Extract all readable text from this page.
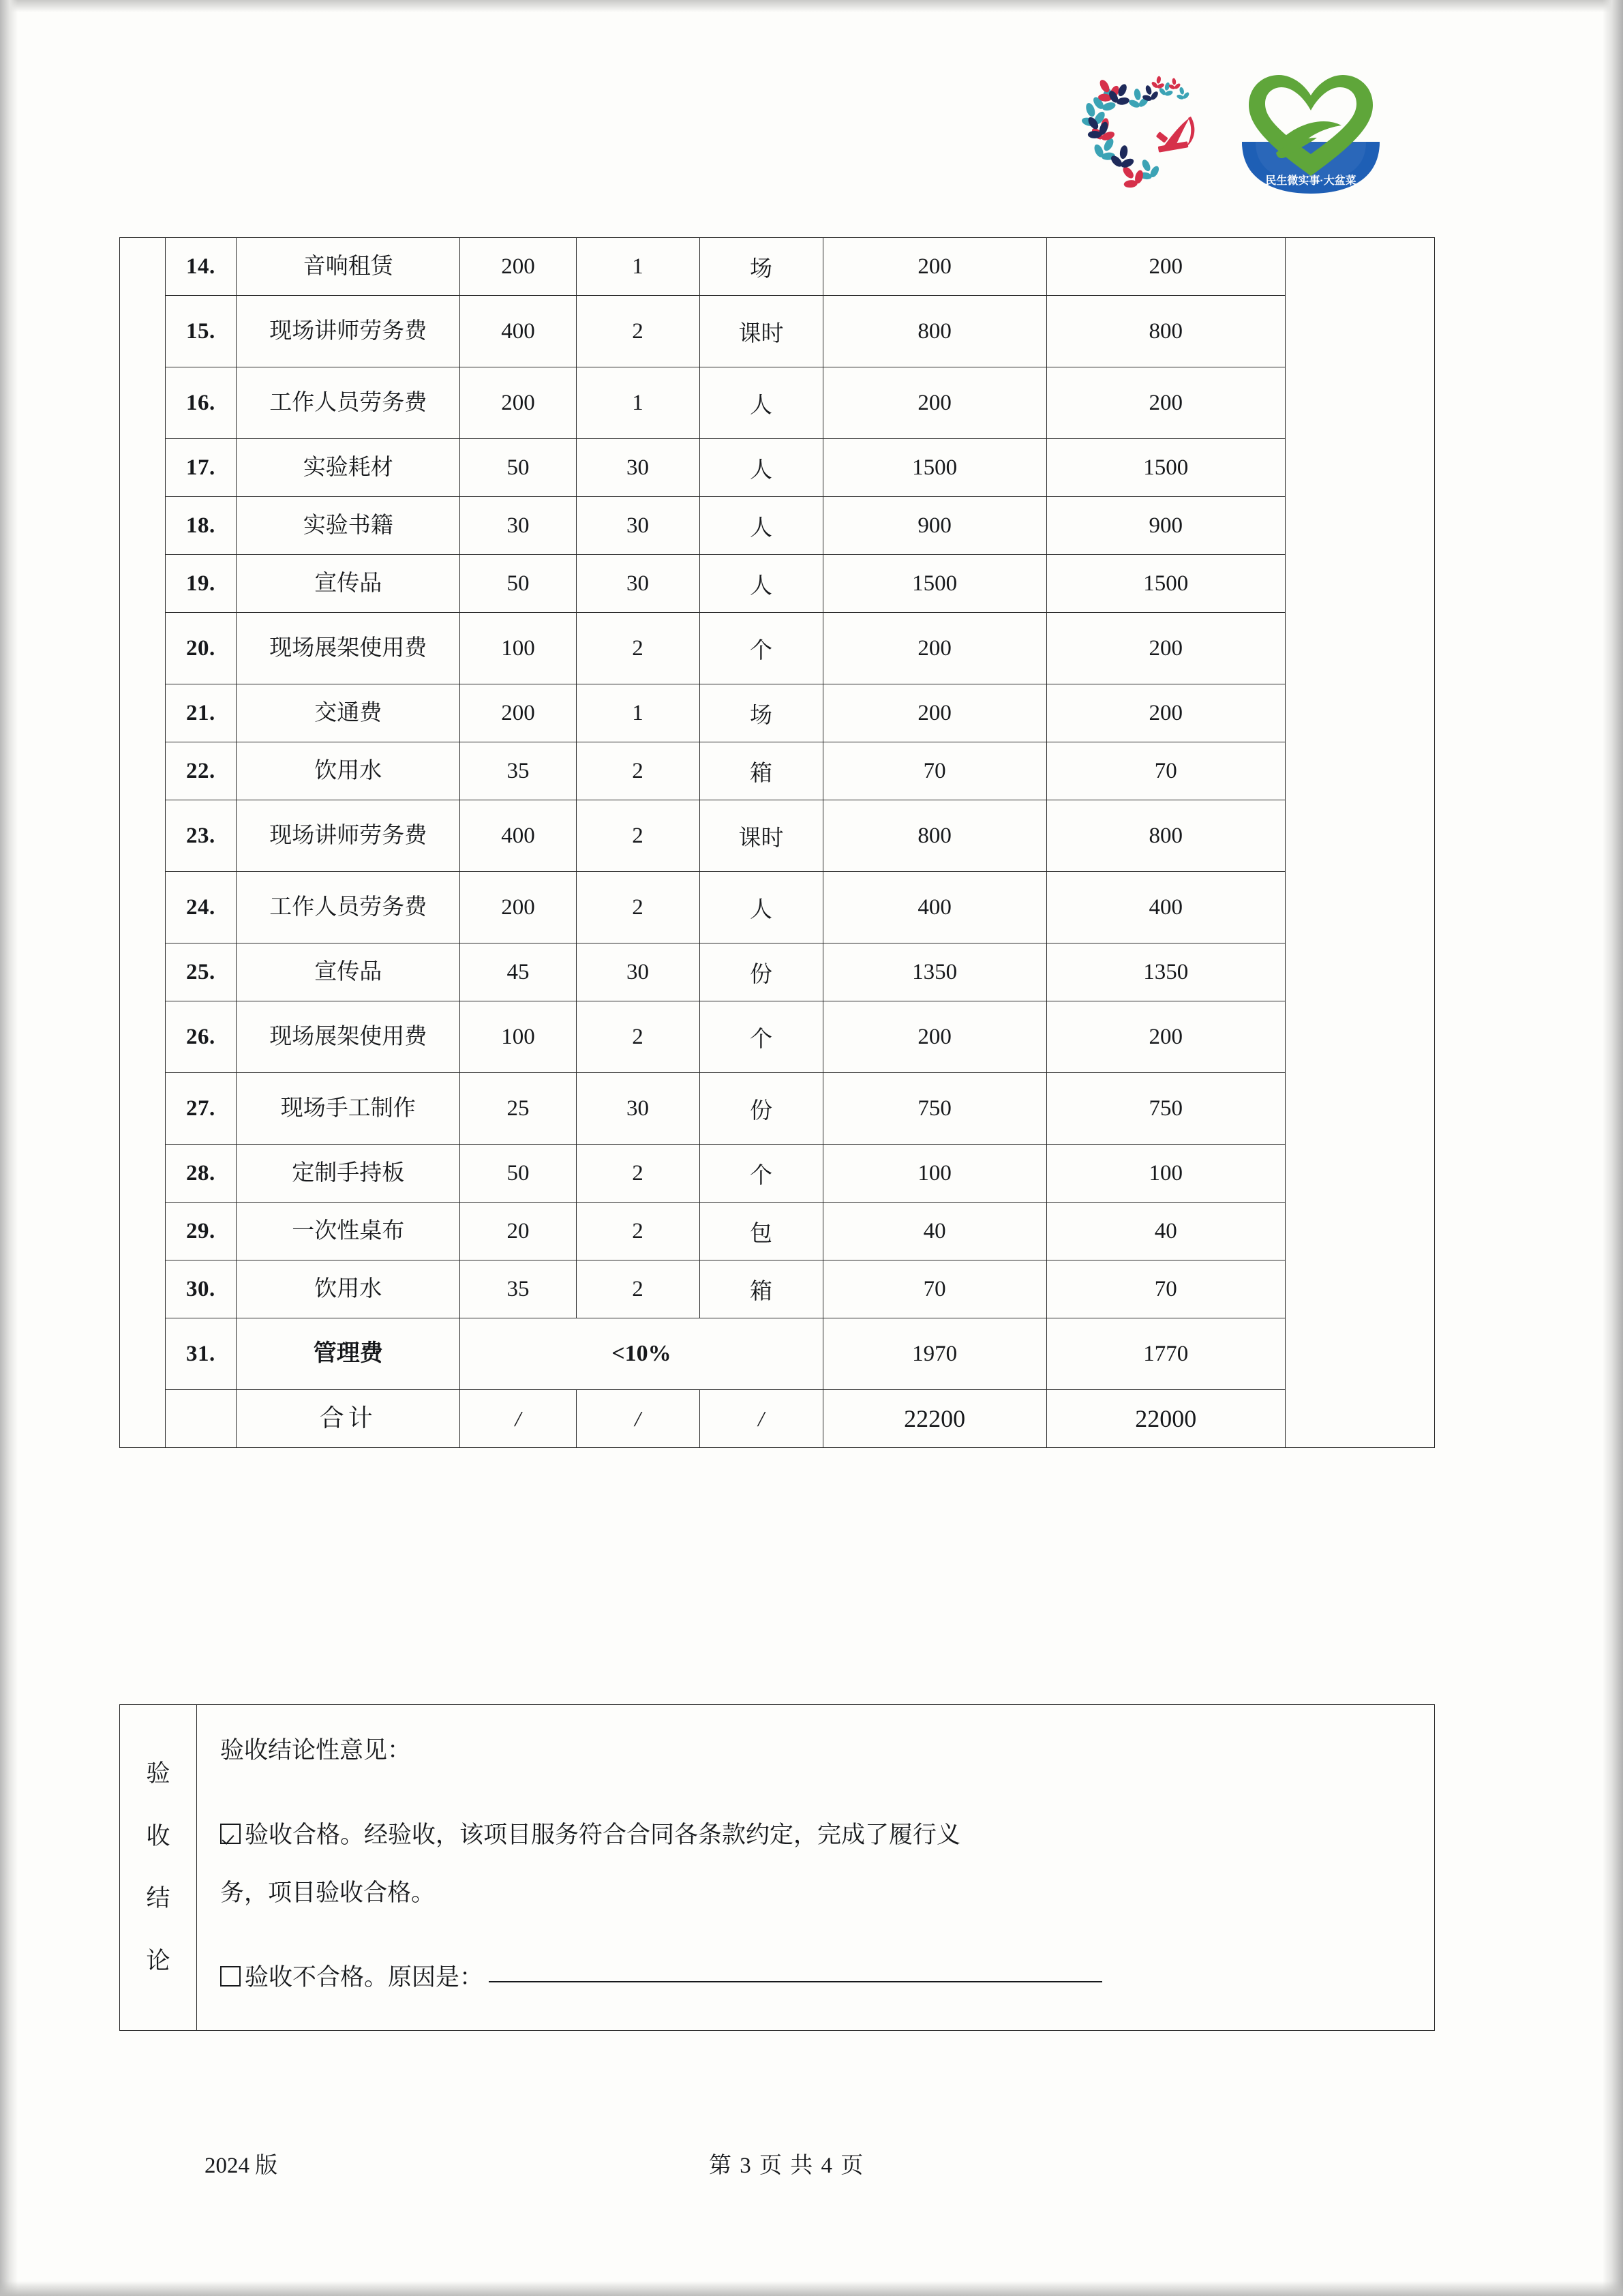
民生微实事·大盆菜
	14.	音响租赁	200	1	场	200	200	
	15.	现场讲师劳务费	400	2	课时	800	800	
	16.	工作人员劳务费	200	1	人	200	200	
	17.	实验耗材	50	30	人	1500	1500	
	18.	实验书籍	30	30	人	900	900	
	19.	宣传品	50	30	人	1500	1500	
	20.	现场展架使用费	100	2	个	200	200	
	21.	交通费	200	1	场	200	200	
	22.	饮用水	35	2	箱	70	70	
	23.	现场讲师劳务费	400	2	课时	800	800	
	24.	工作人员劳务费	200	2	人	400	400	
	25.	宣传品	45	30	份	1350	1350	
	26.	现场展架使用费	100	2	个	200	200	
	27.	现场手工制作	25	30	份	750	750	
	28.	定制手持板	50	2	个	100	100	
	29.	一次性桌布	20	2	包	40	40	
	30.	饮用水	35	2	箱	70	70	
	31.	管理费	<10%			1970	1770	
		合计	/	/	/	22200	22000	
验
收
结
论

验收结论性意见：

验收合格。经验收，该项目服务符合合同各条款约定，完成了履行义

务，项目验收合格。

验收不合格。原因是：

2024 版	第 3 页 共 4 页
